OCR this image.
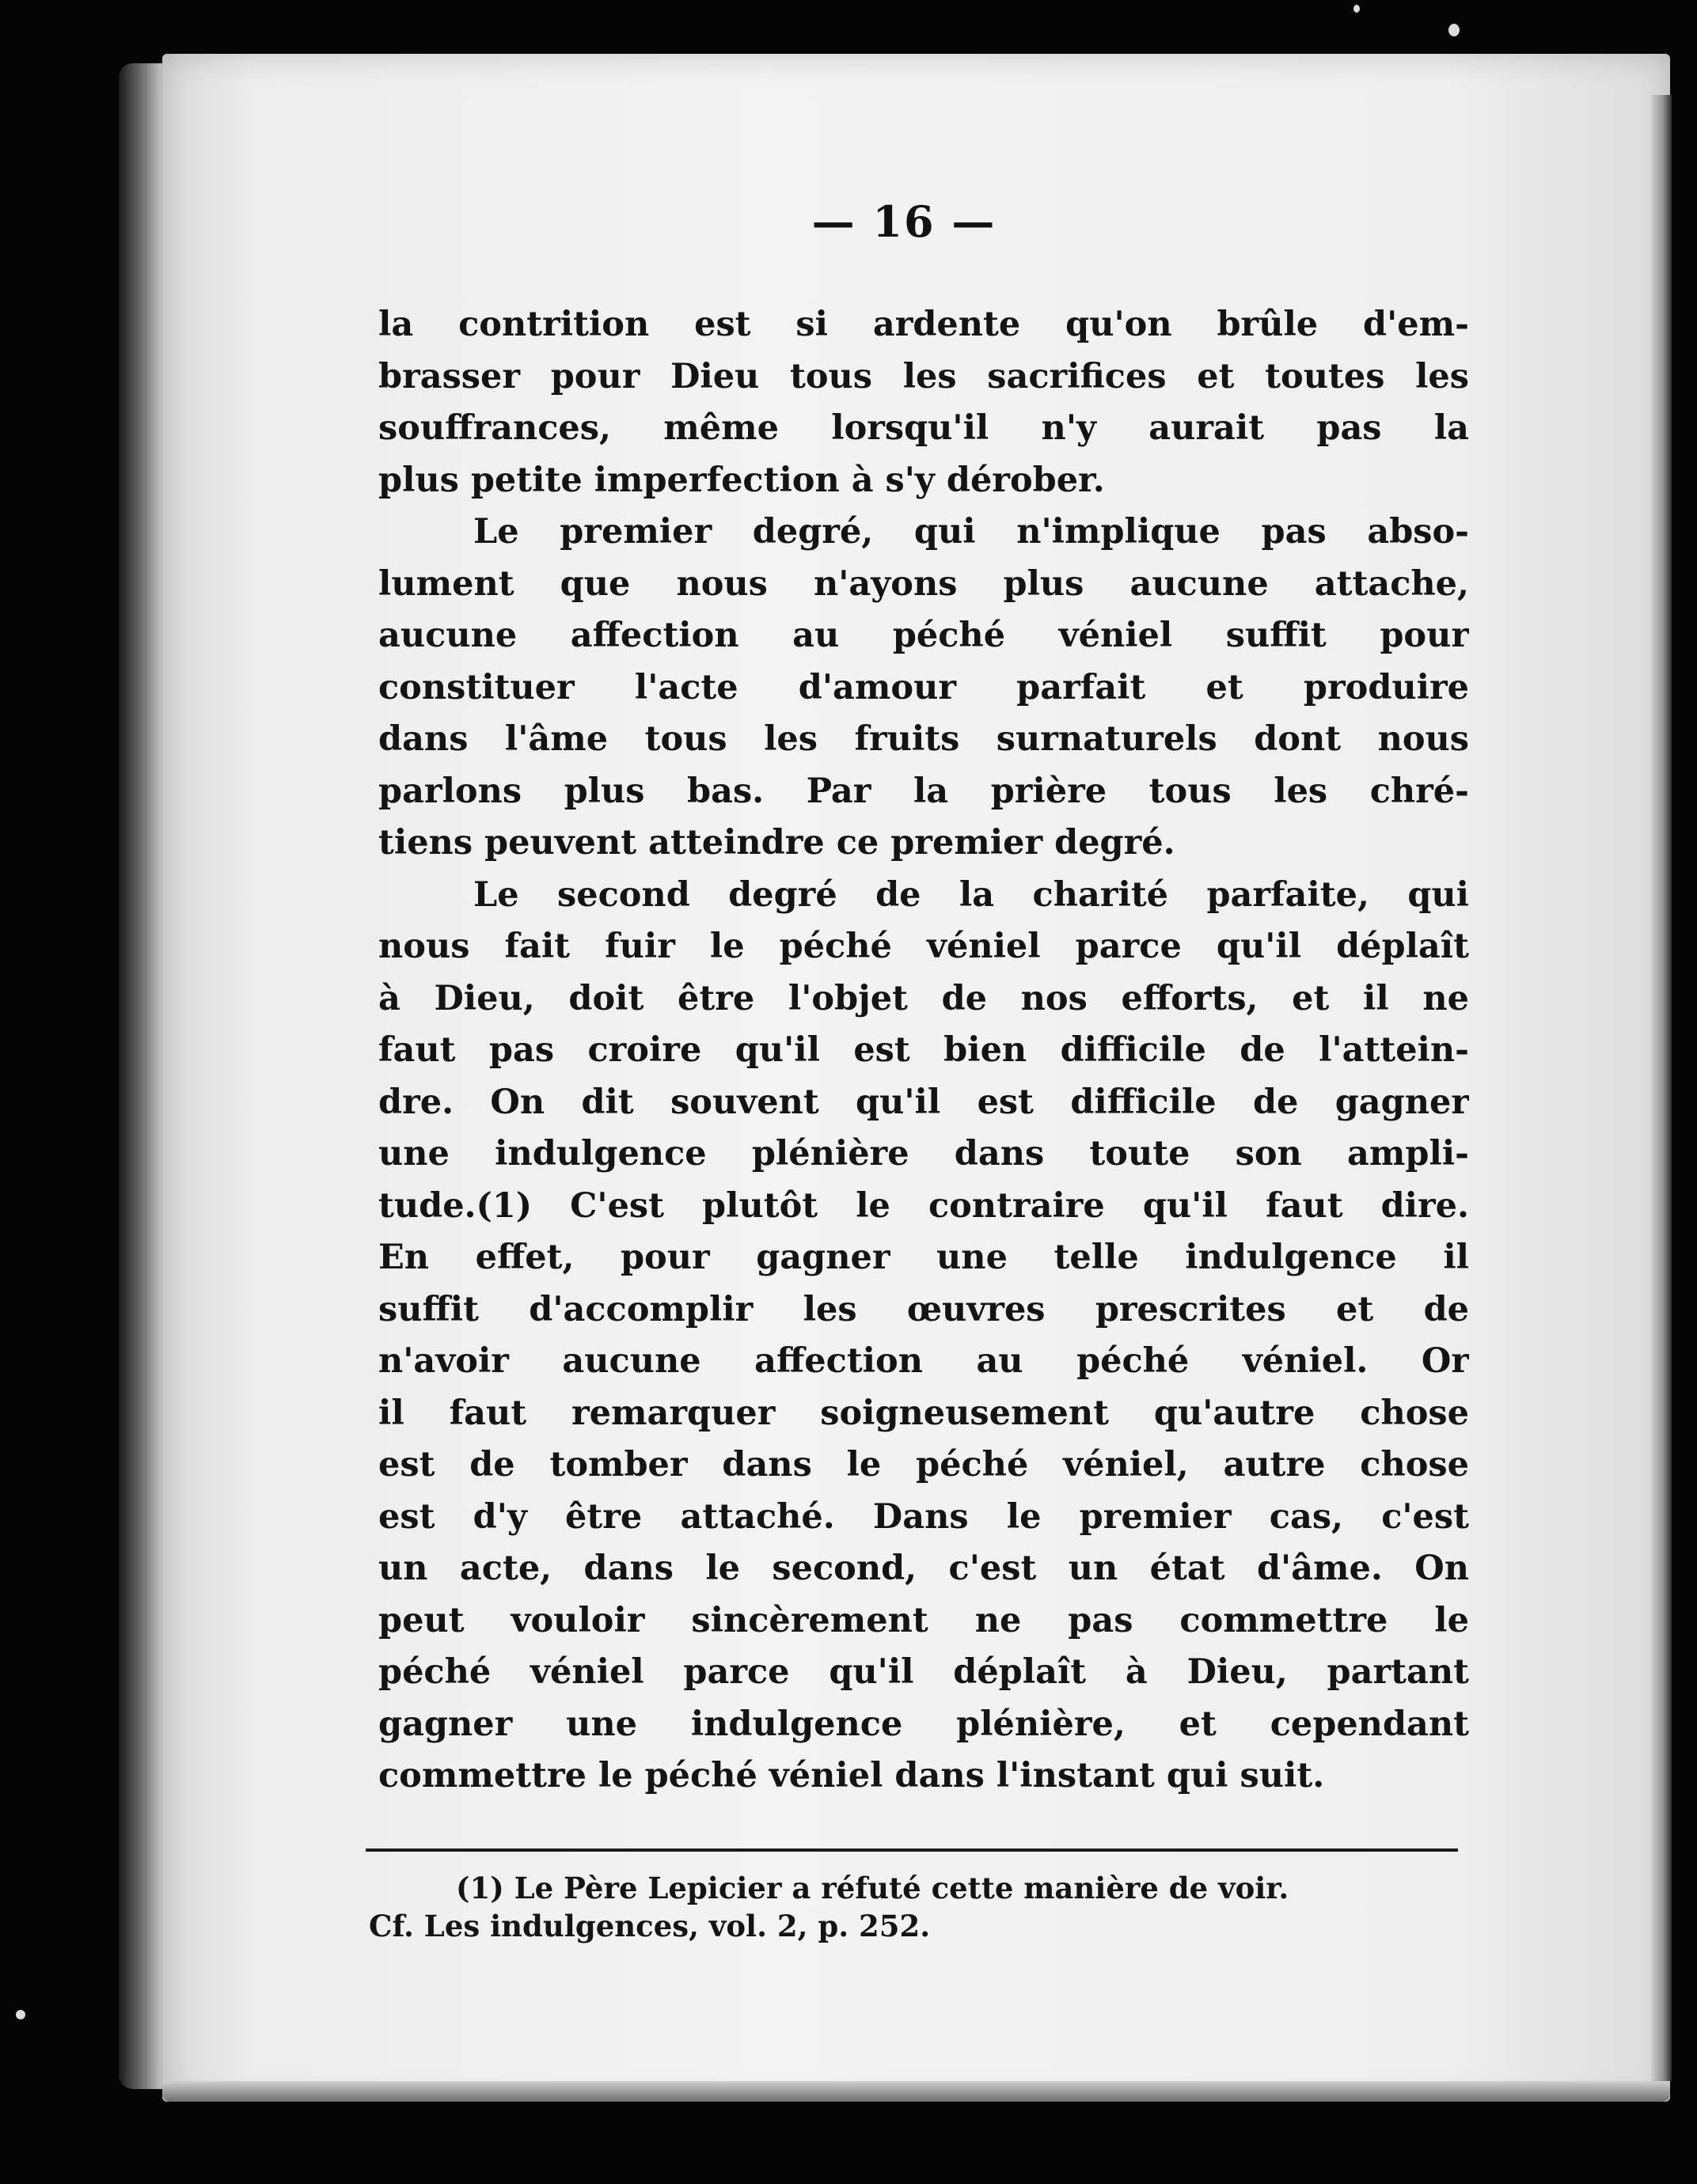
— 16 —
la contrition est si ardente qu'on brûle d'em-
brasser pour Dieu tous les sacrifices et toutes les
souffrances, même lorsqu'il n'y aurait pas la
plus petite imperfection à s'y dérober.
Le premier degré, qui n'implique pas abso-
lument que nous n'ayons plus aucune attache,
aucune affection au péché véniel suffit pour
constituer l'acte d'amour parfait et produire
dans l'âme tous les fruits surnaturels dont nous
parlons plus bas. Par la prière tous les chré-
tiens peuvent atteindre ce premier degré.
Le second degré de la charité parfaite, qui
nous fait fuir le péché véniel parce qu'il déplaît
à Dieu, doit être l'objet de nos efforts, et il ne
faut pas croire qu'il est bien difficile de l'attein-
dre. On dit souvent qu'il est difficile de gagner
une indulgence plénière dans toute son ampli-
tude.(1) C'est plutôt le contraire qu'il faut dire.
En effet, pour gagner une telle indulgence il
suffit d'accomplir les œuvres prescrites et de
n'avoir aucune affection au péché véniel. Or
il faut remarquer soigneusement qu'autre chose
est de tomber dans le péché véniel, autre chose
est d'y être attaché. Dans le premier cas, c'est
un acte, dans le second, c'est un état d'âme. On
peut vouloir sincèrement ne pas commettre le
péché véniel parce qu'il déplaît à Dieu, partant
gagner une indulgence plénière, et cependant
commettre le péché véniel dans l'instant qui suit.
(1) Le Père Lepicier a réfuté cette manière de voir.
Cf. Les indulgences, vol. 2, p. 252.
